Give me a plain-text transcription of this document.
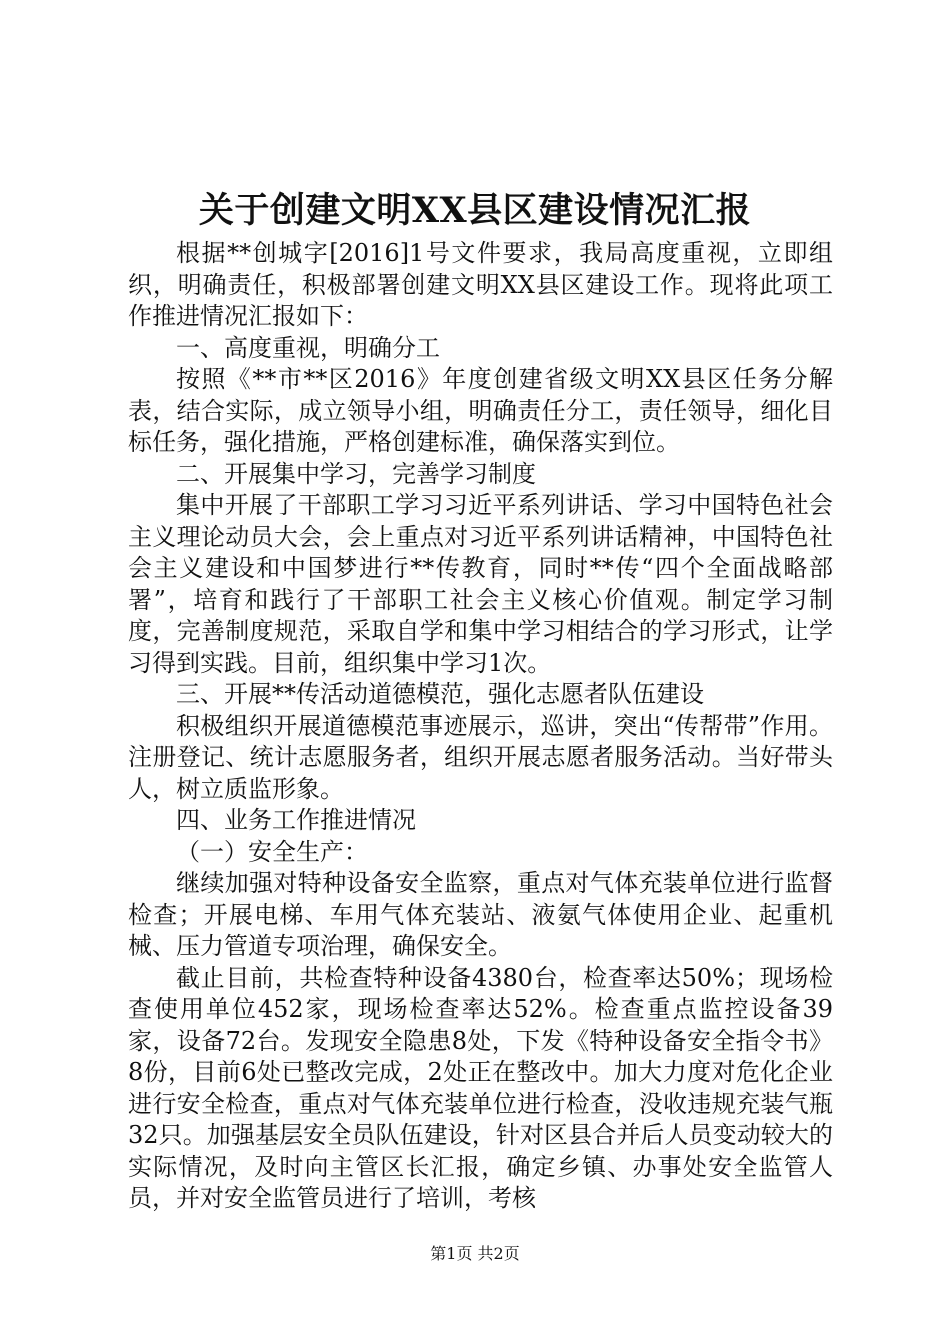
关于创建文明XX县区建设情况汇报

根据**创城字[2016]1号文件要求，我局高度重视，立即组织，明确责任，积极部署创建文明XX县区建设工作。现将此项工作推进情况汇报如下：

一、高度重视，明确分工

按照《**市**区2016》年度创建省级文明XX县区任务分解表，结合实际，成立领导小组，明确责任分工，责任领导，细化目标任务，强化措施，严格创建标准，确保落实到位。

二、开展集中学习，完善学习制度

集中开展了干部职工学习习近平系列讲话、学习中国特色社会主义理论动员大会，会上重点对习近平系列讲话精神，中国特色社会主义建设和中国梦进行**传教育，同时**传“四个全面战略部署”，培育和践行了干部职工社会主义核心价值观。制定学习制度，完善制度规范，采取自学和集中学习相结合的学习形式，让学习得到实践。目前，组织集中学习1次。

三、开展**传活动道德模范，强化志愿者队伍建设

积极组织开展道德模范事迹展示，巡讲，突出“传帮带”作用。注册登记、统计志愿服务者，组织开展志愿者服务活动。当好带头人，树立质监形象。

四、业务工作推进情况

（一）安全生产：

继续加强对特种设备安全监察，重点对气体充装单位进行监督检查；开展电梯、车用气体充装站、液氨气体使用企业、起重机械、压力管道专项治理，确保安全。

截止目前，共检查特种设备4380台，检查率达50%；现场检查使用单位452家，现场检查率达52%。检查重点监控设备39家，设备72台。发现安全隐患8处，下发《特种设备安全指令书》8份，目前6处已整改完成，2处正在整改中。加大力度对危化企业进行安全检查，重点对气体充装单位进行检查，没收违规充装气瓶32只。加强基层安全员队伍建设，针对区县合并后人员变动较大的实际情况，及时向主管区长汇报，确定乡镇、办事处安全监管人员，并对安全监管员进行了培训，考核

第1页 共2页
